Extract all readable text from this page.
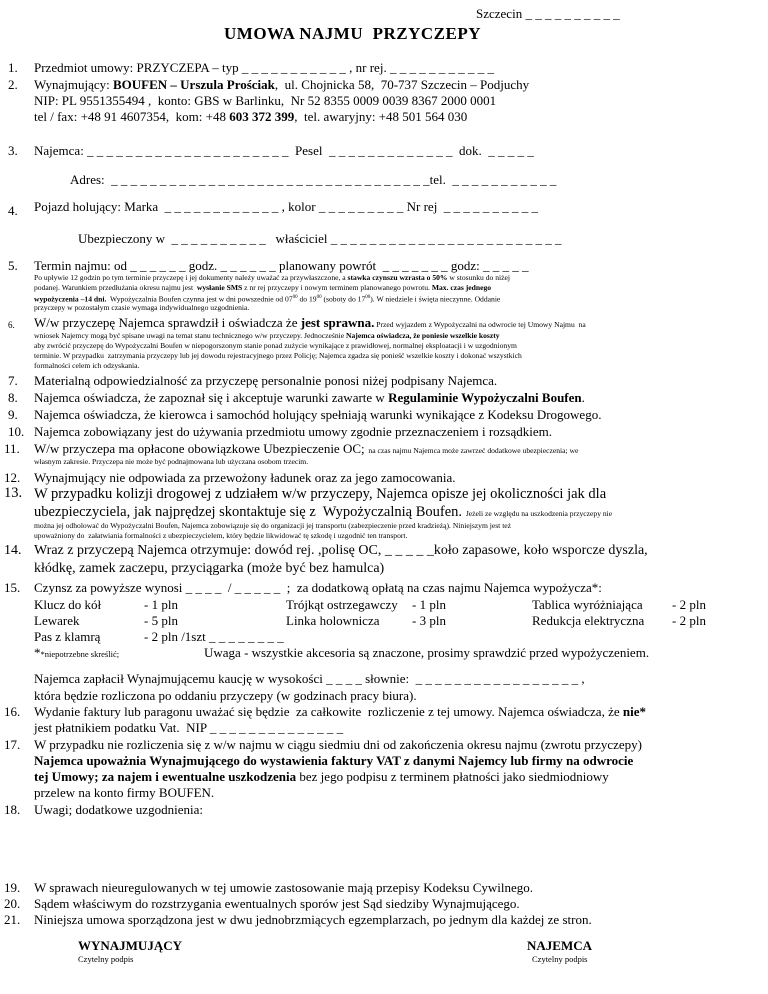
Szczecin _ _ _ _ _ _ _ _ _ _
UMOWA NAJMU  PRZYCZEPY
1. Przedmiot umowy: PRZYCZEPA – typ _ _ _ _ _ _ _ _ _ _ _ , nr rej. _ _ _ _ _ _ _ _ _ _ _
2. Wynajmujący: BOUFEN – Urszula Prościak,  ul. Chojnicka 58,  70-737 Szczecin – Podjuchy
NIP: PL 9551355494 ,  konto: GBS w Barlinku,  Nr 52 8355 0009 0039 8367 2000 0001
tel / fax: +48 91 4607354,  kom: +48 603 372 399,  tel. awaryjny: +48 501 564 030
3. Najemca: _ _ _ _ _ _ _ _ _ _ _ _ _ _ _ _ _ _ _ _ _  Pesel  _ _ _ _ _ _ _ _ _ _ _ _ _  dok.  _ _ _ _ _
Adres:  _ _ _ _ _ _ _ _ _ _ _ _ _ _ _ _ _ _ _ _ _ _ _ _ _ _ _ _ _ _ _ _ _tel.  _ _ _ _ _ _ _ _ _ _ _
4. Pojazd holujący: Marka  _ _ _ _ _ _ _ _ _ _ _ _ , kolor _ _ _ _ _ _ _ _ _ Nr rej  _ _ _ _ _ _ _ _ _ _
Ubezpieczony w  _ _ _ _ _ _ _ _ _ _   właściciel _ _ _ _ _ _ _ _ _ _ _ _ _ _ _ _ _ _ _ _ _ _ _ _
5. Termin najmu: od _ _ _ _ _ _ godz. _ _ _ _ _ _ planowany powrót  _ _ _ _ _ _ _ godz: _ _ _ _ _
Po upływie 12 godzin po tym terminie przyczepę i jej dokumenty należy uważać za przywłaszczone, a stawka czynszu wzrasta o 50% w stosunku do niżej
podanej. Warunkiem przedłużania okresu najmu jest  wysłanie SMS z nr rej przyczepy i nowym terminem planowanego powrotu. Max. czas jednego
wypożyczenia –14 dni.  Wypożyczalnia Boufen czynna jest w dni powszednie od $07^{00}$ do $19^{00}$ (soboty do $17^{00}$). W niedziele i święta nieczynne. Oddanie
przyczepy w pozostałym czasie wymaga indywidualnego uzgodnienia.
6. W/w przyczepę Najemca sprawdził i oświadcza że jest sprawna. Przed wyjazdem z Wypożyczalni na odwrocie tej Umowy Najmu  na
wniosek Najemcy mogą być spisane uwagi na temat stanu technicznego w/w przyczepy. Jednocześnie Najemca oświadcza, że poniesie wszelkie koszty
aby zwrócić przyczepę do Wypożyczalni Boufen w niepogorszonym stanie ponad zużycie wynikające z prawidłowej, normalnej eksploatacji i w uzgodnionym
terminie. W przypadku  zatrzymania przyczepy lub jej dowodu rejestracyjnego przez Policję; Najemca zgadza się ponieść wszelkie koszty i dokonać wszystkich
formalności celem ich odzyskania.
7. Materialną odpowiedzialność za przyczepę personalnie ponosi niżej podpisany Najemca.
8. Najemca oświadcza, że zapoznał się i akceptuje warunki zawarte w Regulaminie Wypożyczalni Boufen.
9. Najemca oświadcza, że kierowca i samochód holujący spełniają warunki wynikające z Kodeksu Drogowego.
10. Najemca zobowiązany jest do używania przedmiotu umowy zgodnie przeznaczeniem i rozsądkiem.
11. W/w przyczepa ma opłacone obowiązkowe Ubezpieczenie OC;  na czas najmu Najemca może zawrzeć dodatkowe ubezpieczenia; we
własnym zakresie. Przyczepa nie może być podnajmowana lub użyczana osobom trzecim.
12. Wynajmujący nie odpowiada za przewożony ładunek oraz za jego zamocowania.
13. W przypadku kolizji drogowej z udziałem w/w przyczepy, Najemca opisze jej okoliczności jak dla
ubezpieczyciela, jak najprędzej skontaktuje się z  Wypożyczalnią Boufen.  Jeżeli ze względu na uszkodzenia przyczepy nie
można jej odholować do Wypożyczalni Boufen, Najemca zobowiązuje się do organizacji jej transportu (zabezpieczenie przed kradzieżą). Niniejszym jest też
upoważniony do  załatwiania formalności z ubezpieczycielem, który będzie likwidować tę szkodę i uzgodnić ten transport.
14. Wraz z przyczepą Najemca otrzymuje: dowód rej. ,polisę OC, _ _ _ _ _koło zapasowe, koło wsporcze dyszla,
kłódkę, zamek zaczepu, przyciągarka (może być bez hamulca)
15. Czynsz za powyższe wynosi _ _ _ _  / _ _ _ _ _  ;  za dodatkową opłatą na czas najmu Najemca wypożycza*:
Klucz do kół	- 1 pln	Trójkąt ostrzegawczy - 1 pln	Tablica wyróżniająca - 2 pln
Lewarek	- 5 pln	Linka holownicza	- 3 pln	Redukcja elektryczna - 2 pln
Pas z klamrą	- 2 pln /1szt _ _ _ _ _ _ _ _
**niepotrzebne skreślić;	Uwaga - wszystkie akcesoria są znaczone, prosimy sprawdzić przed wypożyczeniem.
Najemca zapłacił Wynajmującemu kaucję w wysokości _ _ _ _ słownie:  _ _ _ _ _ _ _ _ _ _ _ _ _ _ _ _ _ ,
która będzie rozliczona po oddaniu przyczepy (w godzinach pracy biura).
16. Wydanie faktury lub paragonu uważać się będzie  za całkowite  rozliczenie z tej umowy. Najemca oświadcza, że nie*
jest płatnikiem podatku Vat.  NIP _ _ _ _ _ _ _ _ _ _ _ _ _ _
17. W przypadku nie rozliczenia się z w/w najmu w ciągu siedmiu dni od zakończenia okresu najmu (zwrotu przyczepy)
Najemca upoważnia Wynajmującego do wystawienia faktury VAT z danymi Najemcy lub firmy na odwrocie
tej Umowy; za najem i ewentualne uszkodzenia bez jego podpisu z terminem płatności jako siedmiodniowy
przelew na konto firmy BOUFEN.
18. Uwagi; dodatkowe uzgodnienia:
19. W sprawach nieuregulowanych w tej umowie zastosowanie mają przepisy Kodeksu Cywilnego.
20. Sądem właściwym do rozstrzygania ewentualnych sporów jest Sąd siedziby Wynajmującego.
21. Niniejsza umowa sporządzona jest w dwu jednobrzmiących egzemplarzach, po jednym dla każdej ze stron.
WYNAJMUJĄCY
Czytelny podpis
NAJEMCA
Czytelny podpis
